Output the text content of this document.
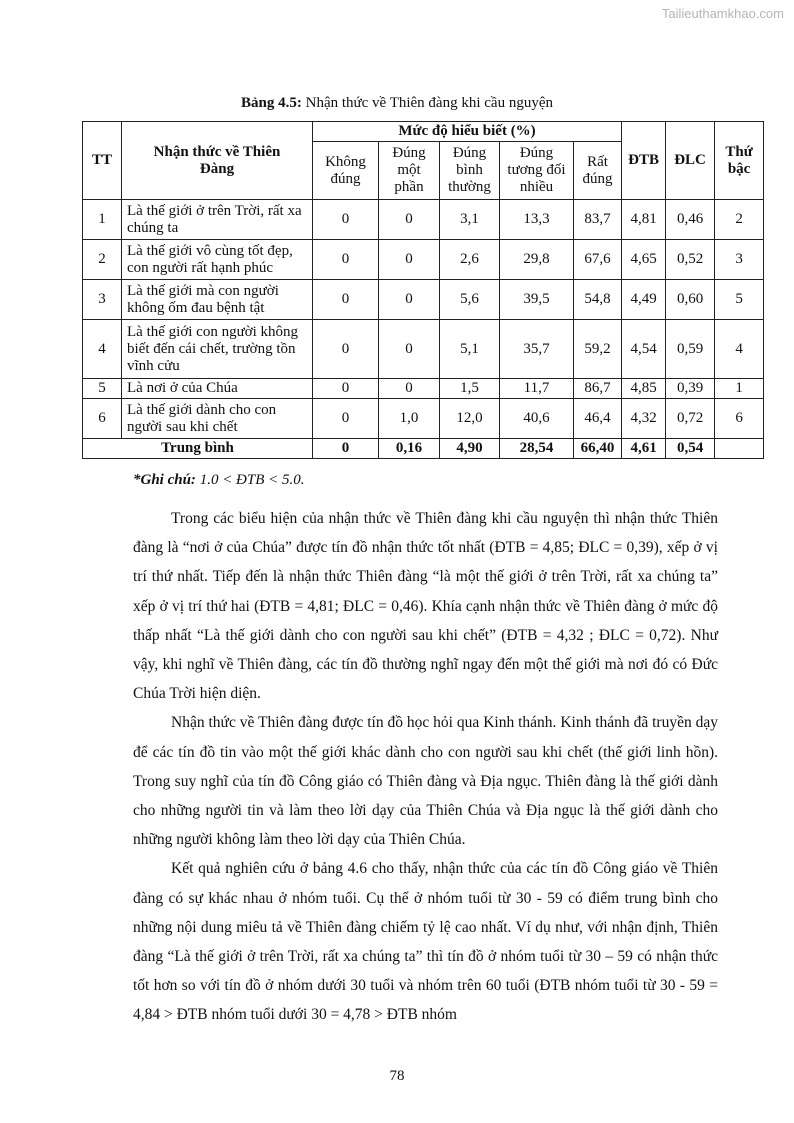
Tailieuthamkhao.com
Bảng 4.5: Nhận thức về Thiên đàng khi cầu nguyện
TT	Nhận thức về Thiên Đàng	Mức độ hiểu biết (%)					ĐTB	ĐLC	Thứ bậc
		Không đúng	Đúng một phần	Đúng bình thường	Đúng tương đối nhiều	Rất đúng			
1	Là thế giới ở trên Trời, rất xa chúng ta	0	0	3,1	13,3	83,7	4,81	0,46	2
2	Là thế giới vô cùng tốt đẹp, con người rất hạnh phúc	0	0	2,6	29,8	67,6	4,65	0,52	3
3	Là thế giới mà con người không ốm đau bệnh tật	0	0	5,6	39,5	54,8	4,49	0,60	5
4	Là thế giới con người không biết đến cái chết, trường tồn vĩnh cửu	0	0	5,1	35,7	59,2	4,54	0,59	4
5	Là nơi ở của Chúa	0	0	1,5	11,7	86,7	4,85	0,39	1
6	Là thế giới dành cho con người sau khi chết	0	1,0	12,0	40,6	46,4	4,32	0,72	6
Trung bình		0	0,16	4,90	28,54	66,40	4,61	0,54	
*Ghi chú: 1.0 < ĐTB < 5.0.

Trong các biểu hiện của nhận thức về Thiên đàng khi cầu nguyện thì nhận thức Thiên đàng là “nơi ở của Chúa” được tín đồ nhận thức tốt nhất (ĐTB = 4,85; ĐLC = 0,39), xếp ở vị trí thứ nhất. Tiếp đến là nhận thức Thiên đàng “là một thế giới ở trên Trời, rất xa chúng ta” xếp ở vị trí thứ hai (ĐTB = 4,81; ĐLC = 0,46). Khía cạnh nhận thức về Thiên đàng ở mức độ thấp nhất “Là thế giới dành cho con người sau khi chết” (ĐTB = 4,32 ; ĐLC = 0,72). Như vậy, khi nghĩ về Thiên đàng, các tín đồ thường nghĩ ngay đến một thế giới mà nơi đó có Đức Chúa Trời hiện diện.

Nhận thức về Thiên đàng được tín đồ học hỏi qua Kinh thánh. Kinh thánh đã truyền dạy để các tín đồ tin vào một thế giới khác dành cho con người sau khi chết (thế giới linh hồn). Trong suy nghĩ của tín đồ Công giáo có Thiên đàng và Địa ngục. Thiên đàng là thế giới dành cho những người tin và làm theo lời dạy của Thiên Chúa và Địa ngục là thế giới dành cho những người không làm theo lời dạy của Thiên Chúa.

Kết quả nghiên cứu ở bảng 4.6 cho thấy, nhận thức của các tín đồ Công giáo về Thiên đàng có sự khác nhau ở nhóm tuổi. Cụ thể ở nhóm tuổi từ 30 - 59 có điểm trung bình cho những nội dung miêu tả về Thiên đàng chiếm tỷ lệ cao nhất. Ví dụ như, với nhận định, Thiên đàng “Là thế giới ở trên Trời, rất xa chúng ta” thì tín đồ ở nhóm tuổi từ 30 – 59 có nhận thức tốt hơn so với tín đồ ở nhóm dưới 30 tuổi và nhóm trên 60 tuổi (ĐTB nhóm tuổi từ 30 - 59 = 4,84 > ĐTB nhóm tuổi dưới 30 = 4,78 > ĐTB nhóm

78
